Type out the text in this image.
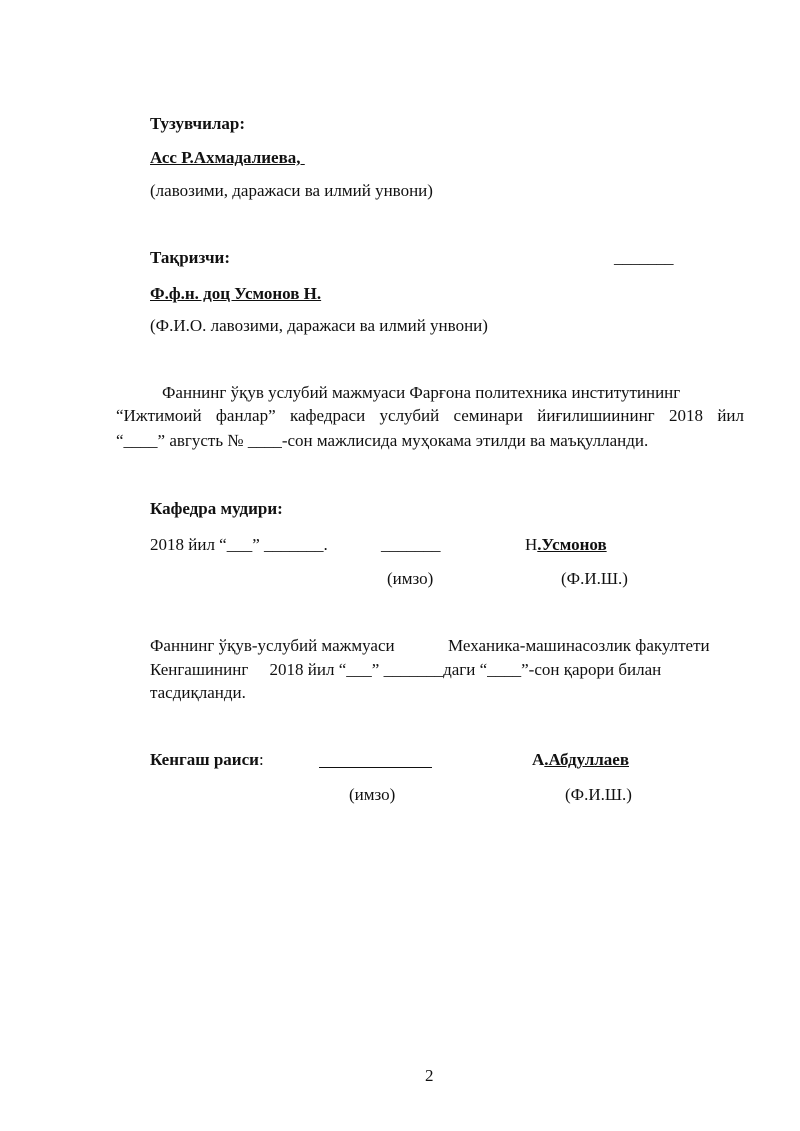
Тузувчилар:
Асс Р.Ахмадалиева,
(лавозими, даражаси ва илмий унвони)
Тақризчи:	_______
Ф.ф.н. доц Усмонов Н.
(Ф.И.О. лавозими, даражаси ва илмий унвони)
Фаннинг ўқув услубий мажмуаси Фарғона политехника институтининг
“Ижтимоий фанлар” кафедраси услубий семинари йиғилишиининг 2018 йил
“____” августь № ____-сон мажлисида муҳокама этилди ва маъқулланди.
Кафедра мудири:
2018 йил “___” _______.	_______	Н.Усмонов
(имзо)	(Ф.И.Ш.)
Фаннинг ўқув-услубий мажмуаси	Механика-машинасозлик факултети
Кенгашининг     2018 йил “___” _______даги “____”-сон қарори билан
тасдиқланди.
Кенгаш раиси:	А.Абдуллаев
(имзо)	(Ф.И.Ш.)
2
